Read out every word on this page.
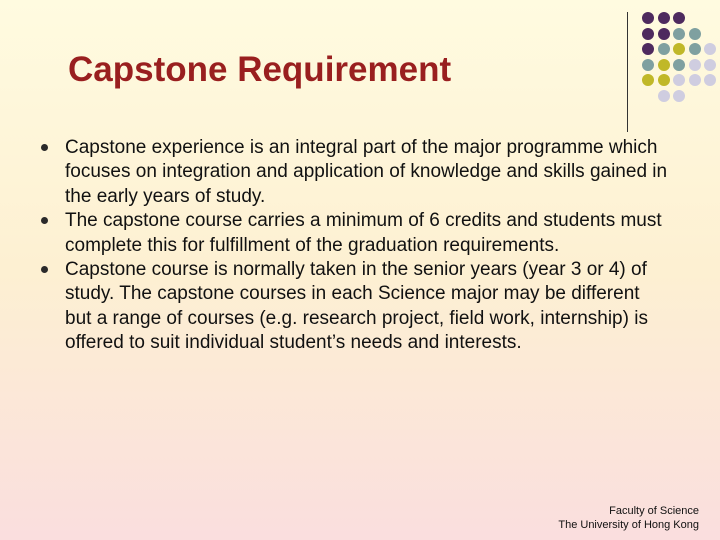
Capstone Requirement
Capstone experience is an integral part of the major programme which focuses on integration and application of knowledge and skills gained in the early years of study.
The capstone course carries a minimum of 6 credits and students must complete this for fulfillment of the graduation requirements.
Capstone course is normally taken in the senior years (year 3 or 4) of study. The capstone courses in each Science major may be different but a range of courses (e.g. research project, field work, internship) is offered to suit individual student’s needs and interests.
Faculty of Science
The University of Hong Kong
